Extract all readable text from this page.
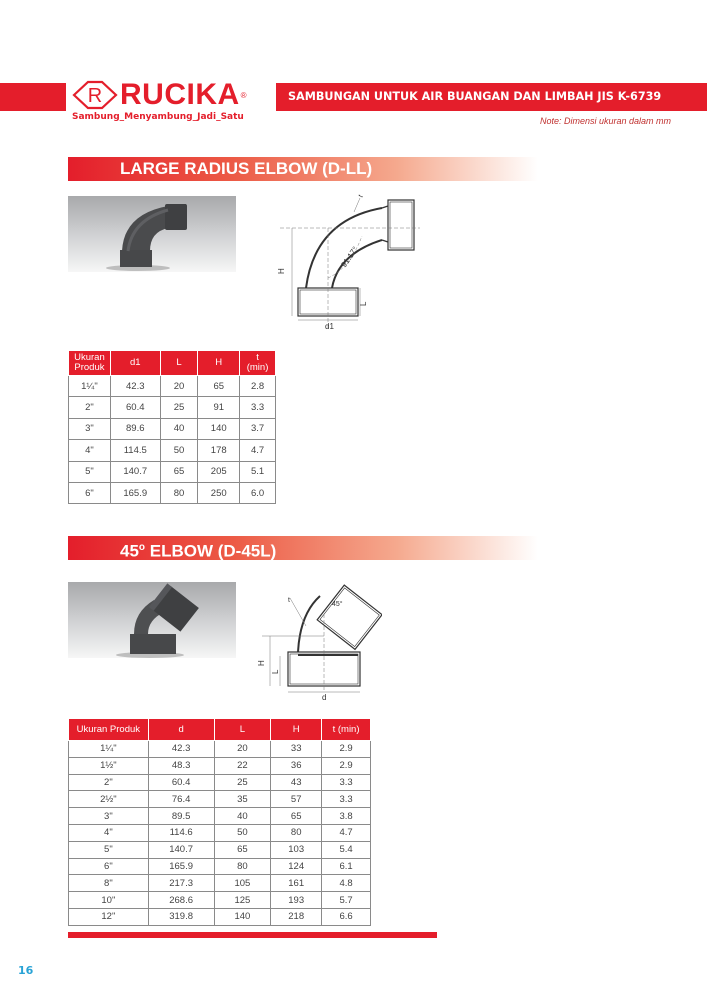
R RUCIKA ®
Sambung_Menyambung_Jadi_Satu
SAMBUNGAN UNTUK AIR BUANGAN DAN LIMBAH JIS K-6739
Note: Dimensi ukuran dalam mm
LARGE RADIUS ELBOW (D-LL)
H
L
d1
91.17°
t
Ukuran
Produk	d1	L	H	t
(min)
1¼"	42.3	20	65	2.8
2"	60.4	25	91	3.3
3"	89.6	40	140	3.7
4"	114.5	50	178	4.7
5"	140.7	65	205	5.1
6"	165.9	80	250	6.0
45$^o$ ELBOW (D-45L)
H
L
d
45°
t
Ukuran Produk	d	L	H	t (min)
1¼"	42.3	20	33	2.9
1½"	48.3	22	36	2.9
2"	60.4	25	43	3.3
2½"	76.4	35	57	3.3
3"	89.5	40	65	3.8
4"	114.6	50	80	4.7
5"	140.7	65	103	5.4
6"	165.9	80	124	6.1
8"	217.3	105	161	4.8
10"	268.6	125	193	5.7
12"	319.8	140	218	6.6
16
